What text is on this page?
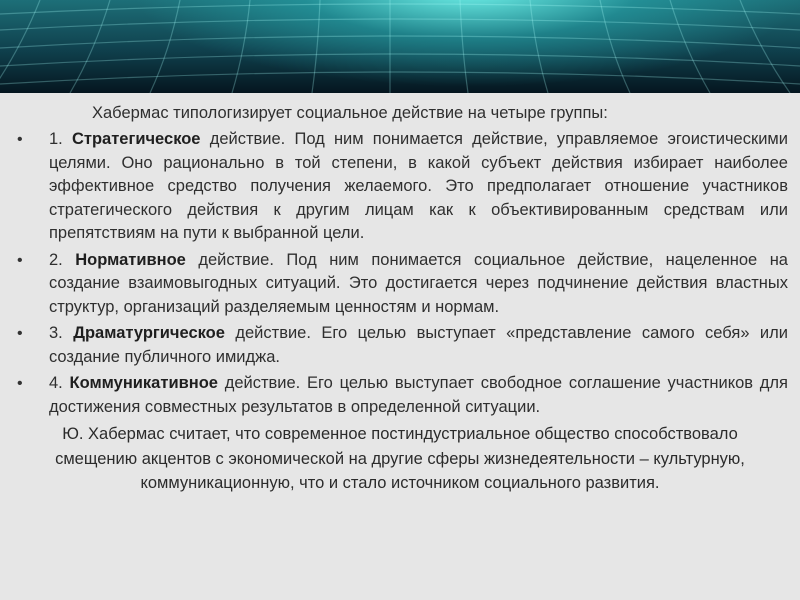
Хабермас типологизирует социальное действие на четыре группы:

• 1. Стратегическое действие. Под ним понимается действие, управляемое эгоистическими целями. Оно рационально в той степени, в какой субъект действия избирает наиболее эффективное средство получения желаемого. Это предполагает отношение участников стратегического действия к другим лицам как к объективированным средствам или препятствиям на пути к выбранной цели.
• 2. Нормативное действие. Под ним понимается социальное действие, нацеленное на создание взаимовыгодных ситуаций. Это достигается через подчинение действия властных структур, организаций разделяемым ценностям и нормам.
• 3. Драматургическое действие. Его целью выступает «представление самого себя» или создание публичного имиджа.
• 4. Коммуникативное действие. Его целью выступает свободное соглашение участников для достижения совместных результатов в определенной ситуации.

Ю. Хабермас считает, что современное постиндустриальное общество способствовало смещению акцентов с экономической на другие сферы жизнедеятельности – культурную, коммуникационную, что и стало источником социального развития.
